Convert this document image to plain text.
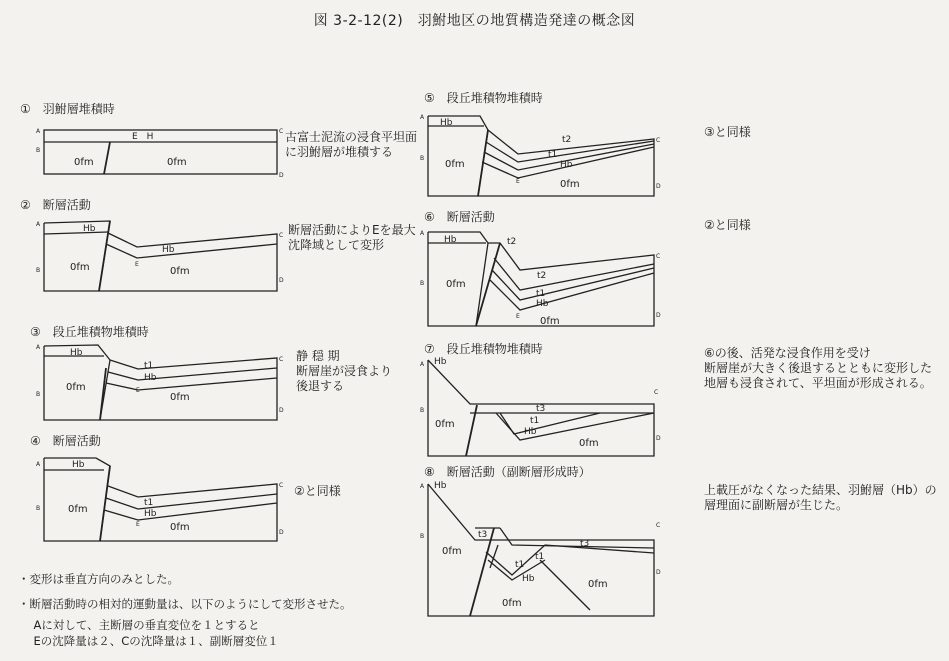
図 3-2-12(2)　羽鮒地区の地質構造発達の概念図
①　羽鮒層堆積時
A
B
C
D
E　H
0fm	0fm
古富士泥流の浸食平坦面
に羽鮒層が堆積する
②　断層活動
A
B
C
D
Hb
Hb
0fm	0fm
E
断層活動によりEを最大
沈降域として変形
③　段丘堆積物堆積時
A
B
C
D
Hb
t1
Hb
0fm
0fm
E
静 穏 期
断層崖が浸食より
後退する
④　断層活動
A
B
C
D
Hb
t1
Hb
0fm
0fm
E
②と同様
⑤　段丘堆積物堆積時
A
B
C
D
Hb
t2
t1
Hb
0fm
0fm
E
③と同様
⑥　断層活動
A
B
C
D
Hb	t2
t2
t1
Hb
0fm
0fm
E
②と同様
⑦　段丘堆積物堆積時
A
B
C
D
Hb
t3
t1
Hb
0fm
0fm
⑥の後、活発な浸食作用を受け
断層崖が大きく後退するとともに変形した
地層も浸食されて、平坦面が形成される。
⑧　断層活動（副断層形成時）
A
B
C
D
Hb
t3
t3
t1
t1
Hb
0fm
0fm
0fm
上載圧がなくなった結果、羽鮒層（Hb）の
層理面に副断層が生じた。
・変形は垂直方向のみとした。
・断層活動時の相対的運動量は、以下のようにして変形させた。
　Aに対して、主断層の垂直変位を１とすると
　Eの沈降量は２、Cの沈降量は１、副断層変位１
